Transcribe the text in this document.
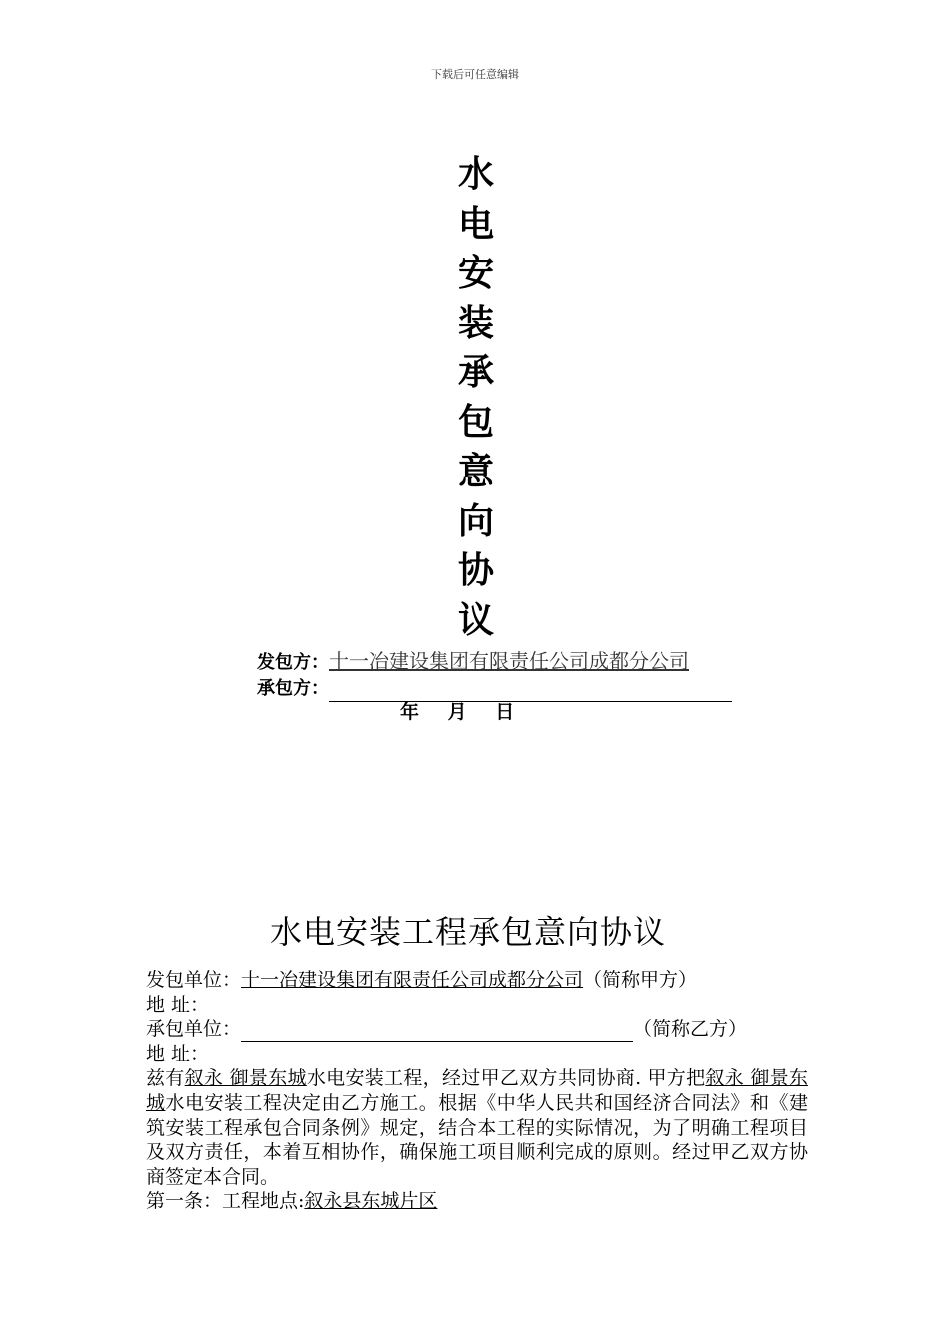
下载后可任意编辑
水
电
安
装
承
包
意
向
协
议
发包方：十一冶建设集团有限责任公司成都分公司
承包方：
年 月 日
水电安装工程承包意向协议

发包单位：十一冶建设集团有限责任公司成都分公司（简称甲方）

地 址：

承包单位：	（简称乙方）

地 址：

兹有叙永 御景东城水电安装工程，经过甲乙双方共同协商. 甲方把叙永 御景东城水电安装工程决定由乙方施工。根据《中华人民共和国经济合同法》和《建筑安装工程承包合同条例》规定，结合本工程的实际情况，为了明确工程项目及双方责任，本着互相协作，确保施工项目顺利完成的原则。经过甲乙双方协商签定本合同。

第一条：工程地点:叙永县东城片区
